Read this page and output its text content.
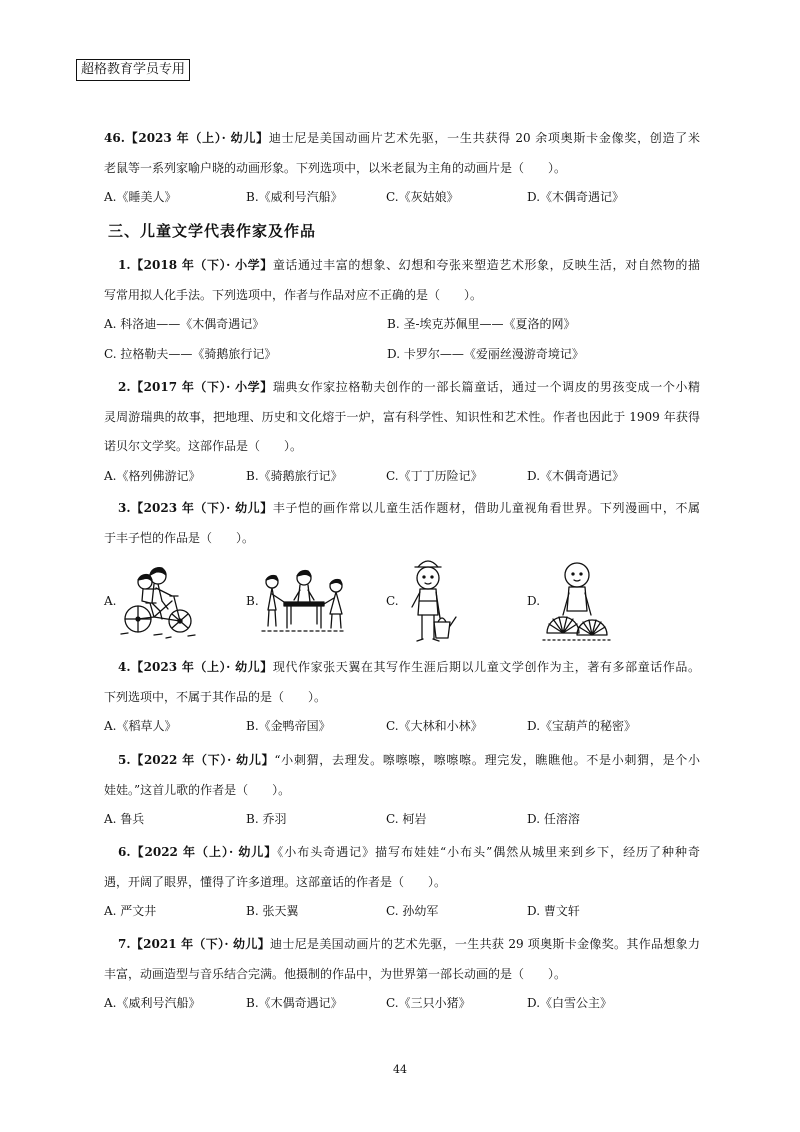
超格教育学员专用
46.【2023 年（上）· 幼儿】迪士尼是美国动画片艺术先驱，一生共获得 20 余项奥斯卡金像奖，创造了米
老鼠等一系列家喻户晓的动画形象。下列选项中，以米老鼠为主角的动画片是（　　）。
A.《睡美人》	B.《威利号汽船》	C.《灰姑娘》	D.《木偶奇遇记》
三、儿童文学代表作家及作品
1.【2018 年（下）· 小学】童话通过丰富的想象、幻想和夸张来塑造艺术形象，反映生活，对自然物的描
写常用拟人化手法。下列选项中，作者与作品对应不正确的是（　　）。
A. 科洛迪——《木偶奇遇记》	B. 圣-埃克苏佩里——《夏洛的网》
C. 拉格勒夫——《骑鹅旅行记》	D. 卡罗尔——《爱丽丝漫游奇境记》
2.【2017 年（下）· 小学】瑞典女作家拉格勒夫创作的一部长篇童话，通过一个调皮的男孩变成一个小精
灵周游瑞典的故事，把地理、历史和文化熔于一炉，富有科学性、知识性和艺术性。作者也因此于 1909 年获得
诺贝尔文学奖。这部作品是（　　）。
A.《格列佛游记》	B.《骑鹅旅行记》	C.《丁丁历险记》	D.《木偶奇遇记》
3.【2023 年（下）· 幼儿】丰子恺的画作常以儿童生活作题材，借助儿童视角看世界。下列漫画中，不属
于丰子恺的作品是（　　）。
A.	B.	C.	D.
4.【2023 年（上）· 幼儿】现代作家张天翼在其写作生涯后期以儿童文学创作为主，著有多部童话作品。
下列选项中，不属于其作品的是（　　）。
A.《稻草人》	B.《金鸭帝国》	C.《大林和小林》	D.《宝葫芦的秘密》
5.【2022 年（下）· 幼儿】“小刺猬，去理发。嚓嚓嚓，嚓嚓嚓。理完发，瞧瞧他。不是小刺猬，是个小
娃娃。”这首儿歌的作者是（　　）。
A. 鲁兵	B. 乔羽	C. 柯岩	D. 任溶溶
6.【2022 年（上）· 幼儿】《小布头奇遇记》描写布娃娃“小布头”偶然从城里来到乡下，经历了种种奇
遇，开阔了眼界，懂得了许多道理。这部童话的作者是（　　）。
A. 严文井	B. 张天翼	C. 孙幼军	D. 曹文轩
7.【2021 年（下）· 幼儿】迪士尼是美国动画片的艺术先驱，一生共获 29 项奥斯卡金像奖。其作品想象力
丰富，动画造型与音乐结合完满。他摄制的作品中，为世界第一部长动画的是（　　）。
A.《威利号汽船》	B.《木偶奇遇记》	C.《三只小猪》	D.《白雪公主》
44
